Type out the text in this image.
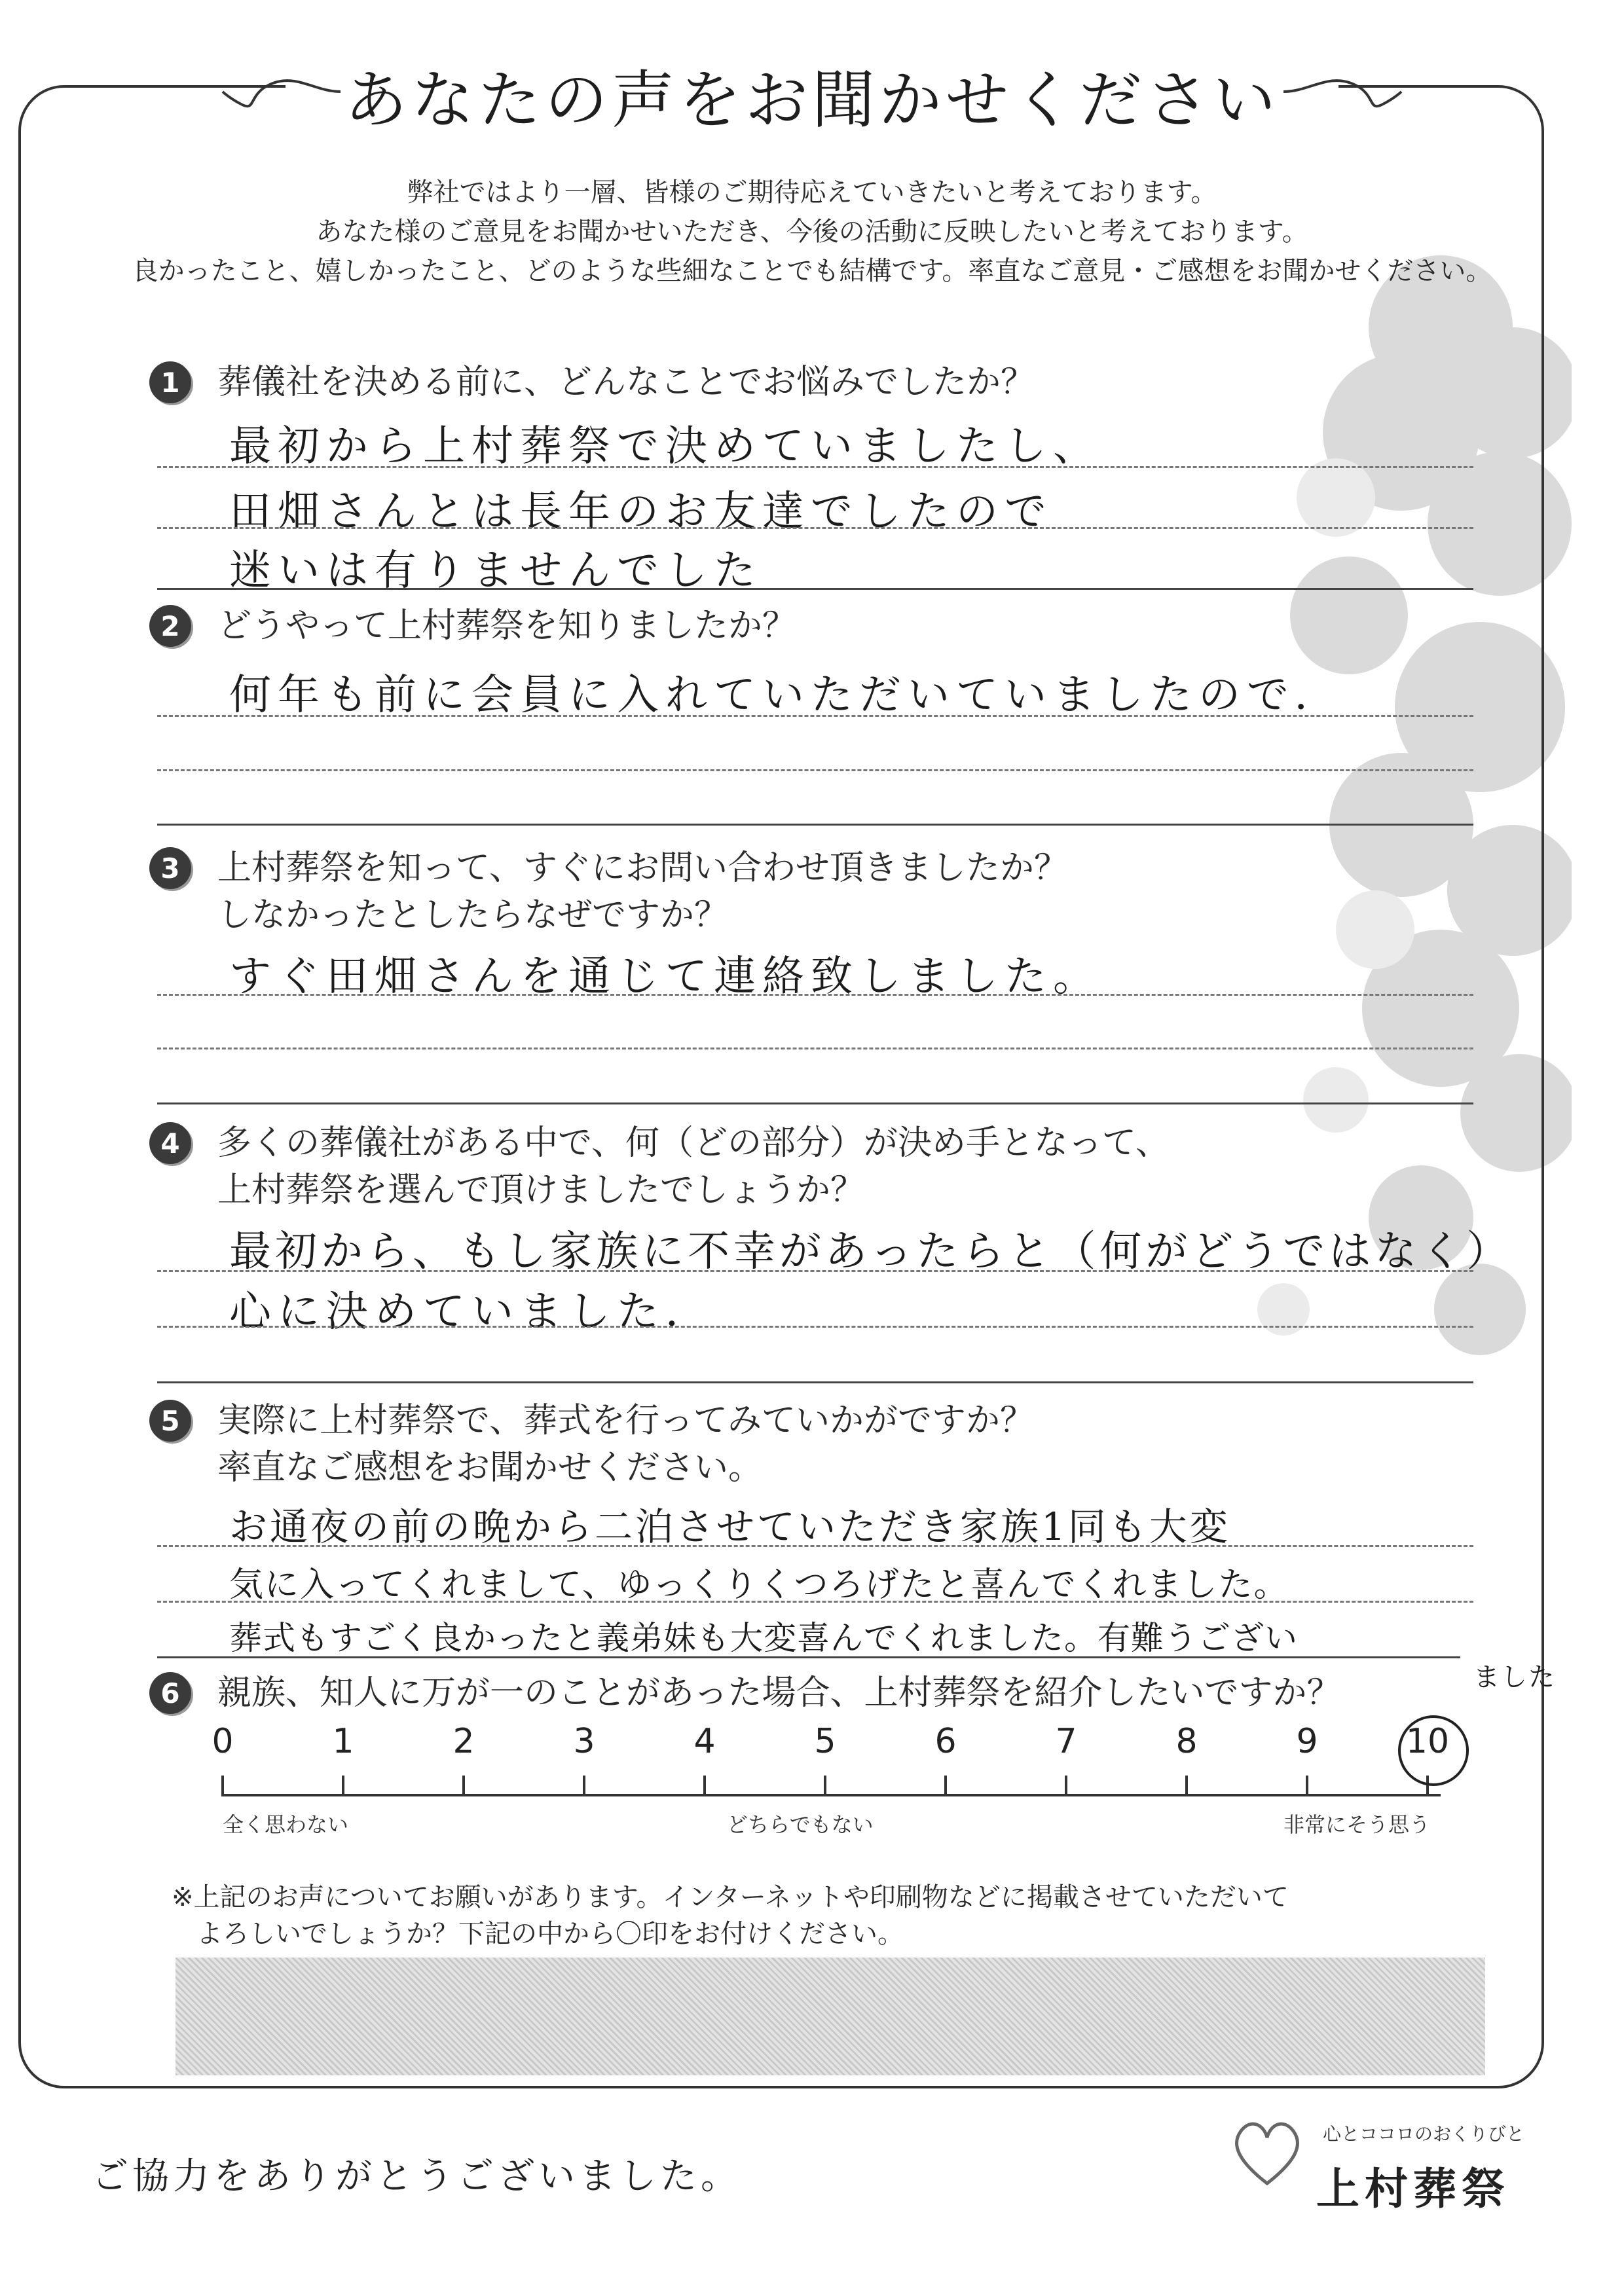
あなたの声をお聞かせください
弊社ではより一層、皆様のご期待応えていきたいと考えております。
あなた様のご意見をお聞かせいただき、今後の活動に反映したいと考えております。
良かったこと、嬉しかったこと、どのような些細なことでも結構です。率直なご意見・ご感想をお聞かせください。
1	葬儀社を決める前に、どんなことでお悩みでしたか？
最初から上村葬祭で決めていましたし、
田畑さんとは長年のお友達でしたので
迷いは有りませんでした
2	どうやって上村葬祭を知りましたか？
何年も前に会員に入れていただいていましたので．
3	上村葬祭を知って、すぐにお問い合わせ頂きましたか？
しなかったとしたらなぜですか？
すぐ田畑さんを通じて連絡致しました。
4	多くの葬儀社がある中で、何（どの部分）が決め手となって、
上村葬祭を選んで頂けましたでしょうか？
最初から、もし家族に不幸があったらと（何がどうではなく）
心に決めていました．
5	実際に上村葬祭で、葬式を行ってみていかがですか？
率直なご感想をお聞かせください。
お通夜の前の晩から二泊させていただき家族1同も大変
気に入ってくれまして、ゆっくりくつろげたと喜んでくれました。
葬式もすごく良かったと義弟妹も大変喜んでくれました。有難うござい
ました
6	親族、知人に万が一のことがあった場合、上村葬祭を紹介したいですか？
0	1	2	3	4	5	6	7	8	9	10
全く思わない	どちらでもない	非常にそう思う
※上記のお声についてお願いがあります。インターネットや印刷物などに掲載させていただいて
よろしいでしょうか？下記の中から〇印をお付けください。
ご協力をありがとうございました。
心とココロのおくりびと
上村葬祭
